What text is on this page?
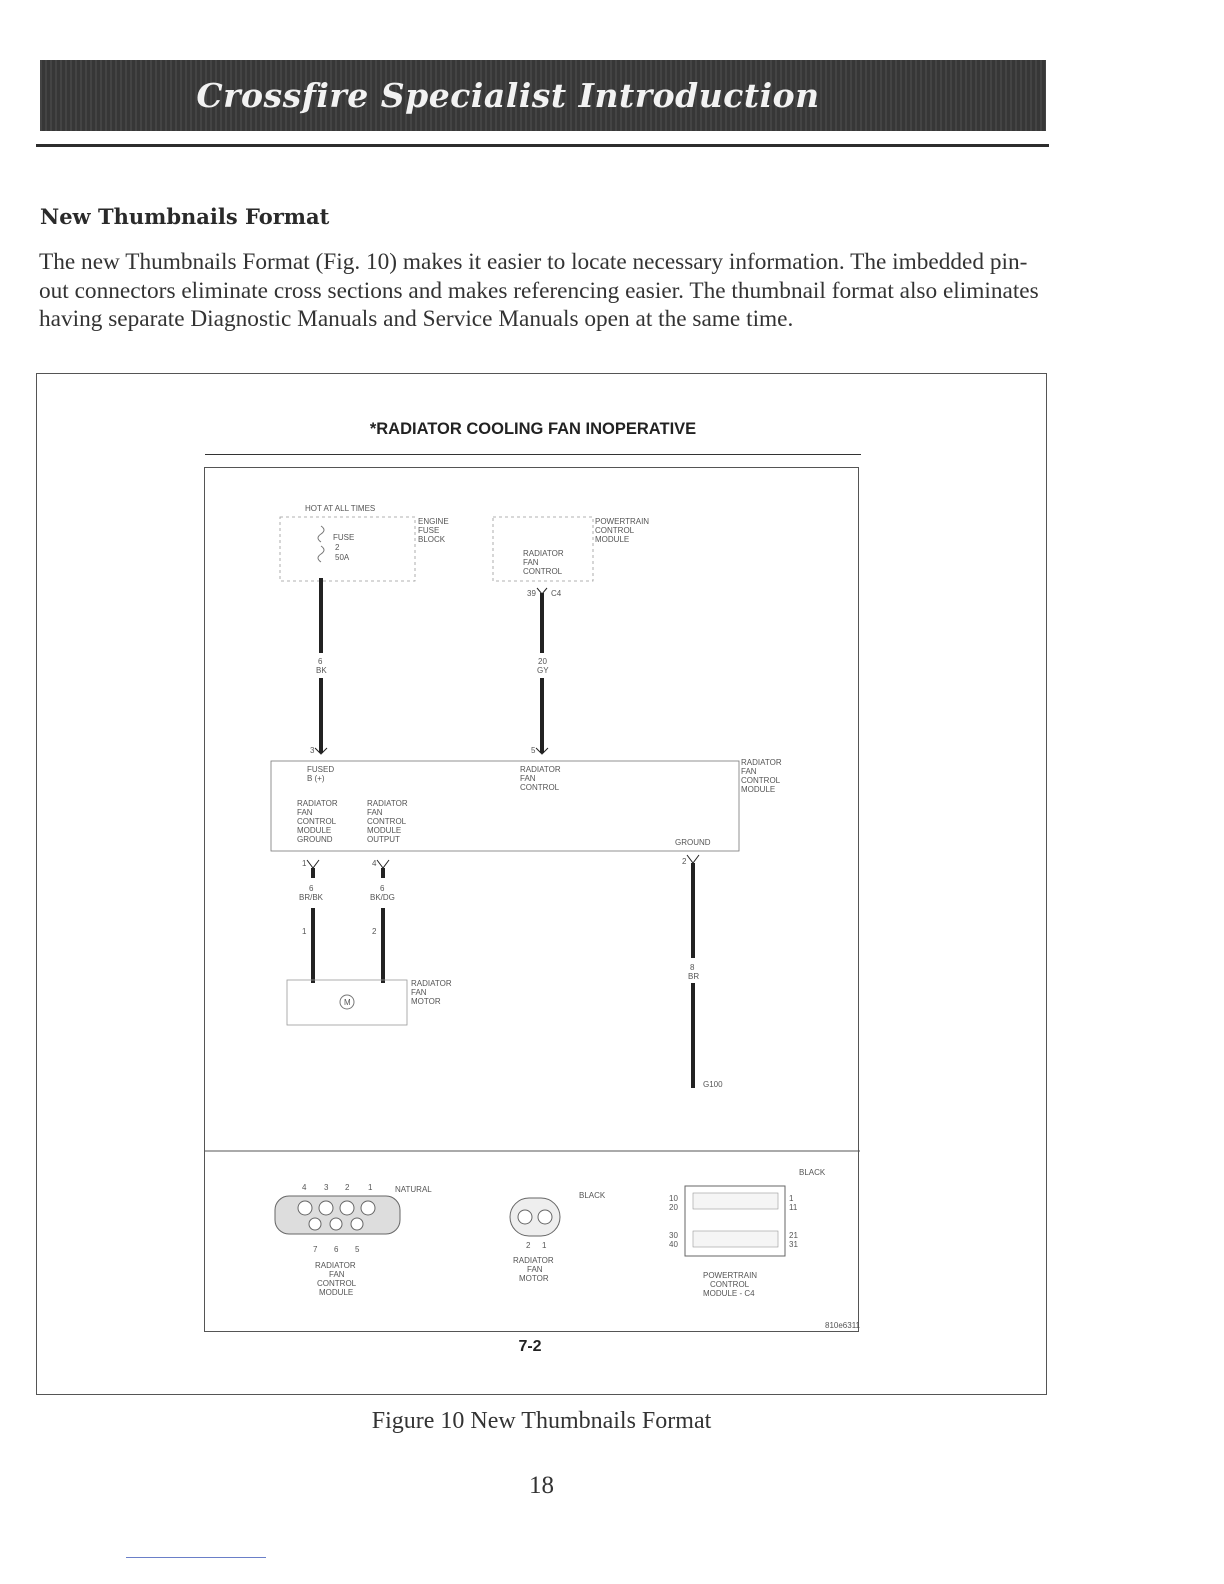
Crossfire Specialist Introduction
New Thumbnails Format

The new Thumbnails Format (Fig. 10) makes it easier to locate necessary information. The imbedded pin-out connectors eliminate cross sections and makes referencing easier. The thumbnail format also eliminates having separate Diagnostic Manuals and Service Manuals open at the same time.

*RADIATOR COOLING FAN INOPERATIVE
HOT AT ALL TIMES
ENGINE
FUSE
BLOCK
FUSE
2
50A
POWERTRAIN
CONTROL
MODULE
RADIATOR
FAN
CONTROL
39 C4
6
BK
20
GY
3	5
6
BR/BK
6
BK/DG
1	4	2
1	2
8
BR
FUSED
B (+)
RADIATOR
FAN
CONTROL
RADIATOR
FAN
CONTROL
MODULE
RADIATOR
FAN
CONTROL
MODULE
GROUND
RADIATOR
FAN
CONTROL
MODULE
OUTPUT	GROUND
M
RADIATOR
FAN
MOTOR
G100
4 3 2 1	NATURAL
7 6 5
RADIATOR
FAN
CONTROL
MODULE
BLACK
2 1
RADIATOR
FAN
MOTOR
BLACK
10
20
30
40
1
11
21
31
POWERTRAIN
CONTROL
MODULE - C4
810e6311
7-2

Figure 10 New Thumbnails Format

18
